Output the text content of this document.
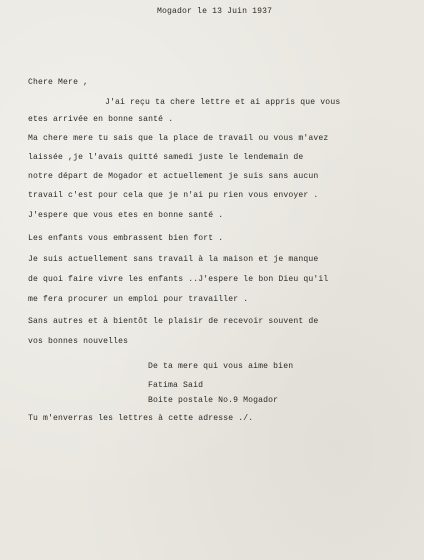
Mogador le 13 Juin 1937
Chere Mere ,
J'ai reçu ta chere lettre et ai appris que vous
etes arrivée en bonne santé .
Ma chere mere tu sais que la place de travail ou vous m'avez
laissée ,je l'avais quitté samedi juste le lendemain de
notre départ de Mogador et actuellement je suis sans aucun
travail c'est pour cela que je n'ai pu rien vous envoyer .
J'espere que vous etes en bonne santé .
Les enfants vous embrassent bien fort .
Je suis actuellement sans travail à la maison et je manque
de quoi faire vivre les enfants ..J'espere le bon Dieu qu'il
me fera procurer un emploi pour travailler .
Sans autres et à bientôt le plaisir de recevoir souvent de
vos bonnes nouvelles
De ta mere qui vous aime bien
Fatima Said
Boite postale No.9 Mogador
Tu m'enverras les lettres à cette adresse ./.
